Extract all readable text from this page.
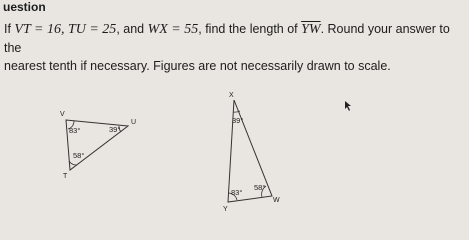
uestion
If VT = 16, TU = 25, and WX = 55, find the length of $\overline{YW}$. Round your answer to the
nearest tenth if necessary. Figures are not necessarily drawn to scale.
V
U
T
83°	39°
58°
X
Y
W
39°
83°
58°
